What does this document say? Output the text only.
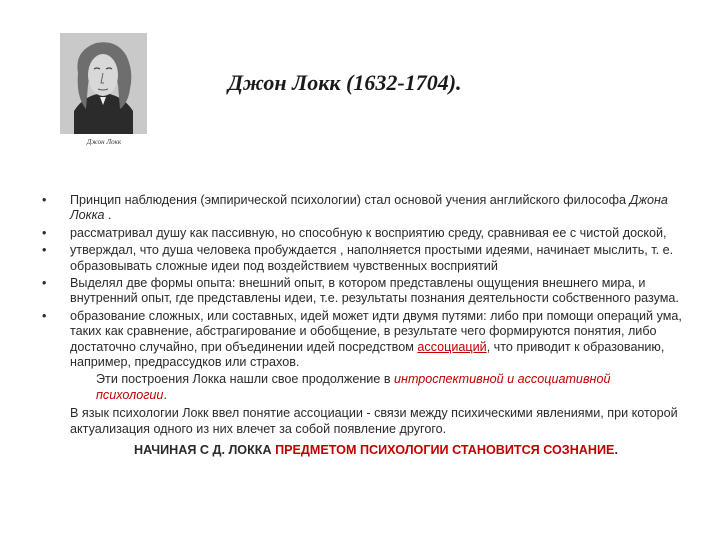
Джон Локк
Джон Локк (1632-1704).
• Принцип наблюдения (эмпирической психологии) стал основой учения английского философа Джона Локка .
• рассматривал душу как пассивную, но способную к восприятию среду, сравнивая ее с чистой доской,
• утверждал, что душа человека пробуждается , наполняется простыми идеями, начинает мыслить, т. е. образовывать сложные идеи под воздействием чувственных восприятий
• Выделял две формы опыта: внешний опыт, в котором представлены ощущения внешнего мира, и внутренний опыт, где представлены идеи, т.е. результаты познания деятельности собственного разума.
• образование сложных, или составных, идей может идти двумя путями: либо при помощи операций ума, таких как сравнение, абстрагирование и обобщение, в результате чего формируются понятия, либо достаточно случайно, при объединении идей посредством ассоциаций, что приводит к образованию, например, предрассудков или страхов.
Эти построения Локка нашли свое продолжение в интроспективной и ассоциативной психологии.
В язык психологии Локк ввел понятие ассоциации - связи между психическими явлениями, при которой актуализация одного из них влечет за собой появление другого.
НАЧИНАЯ С Д. ЛОККА ПРЕДМЕТОМ ПСИХОЛОГИИ СТАНОВИТСЯ СОЗНАНИЕ.
